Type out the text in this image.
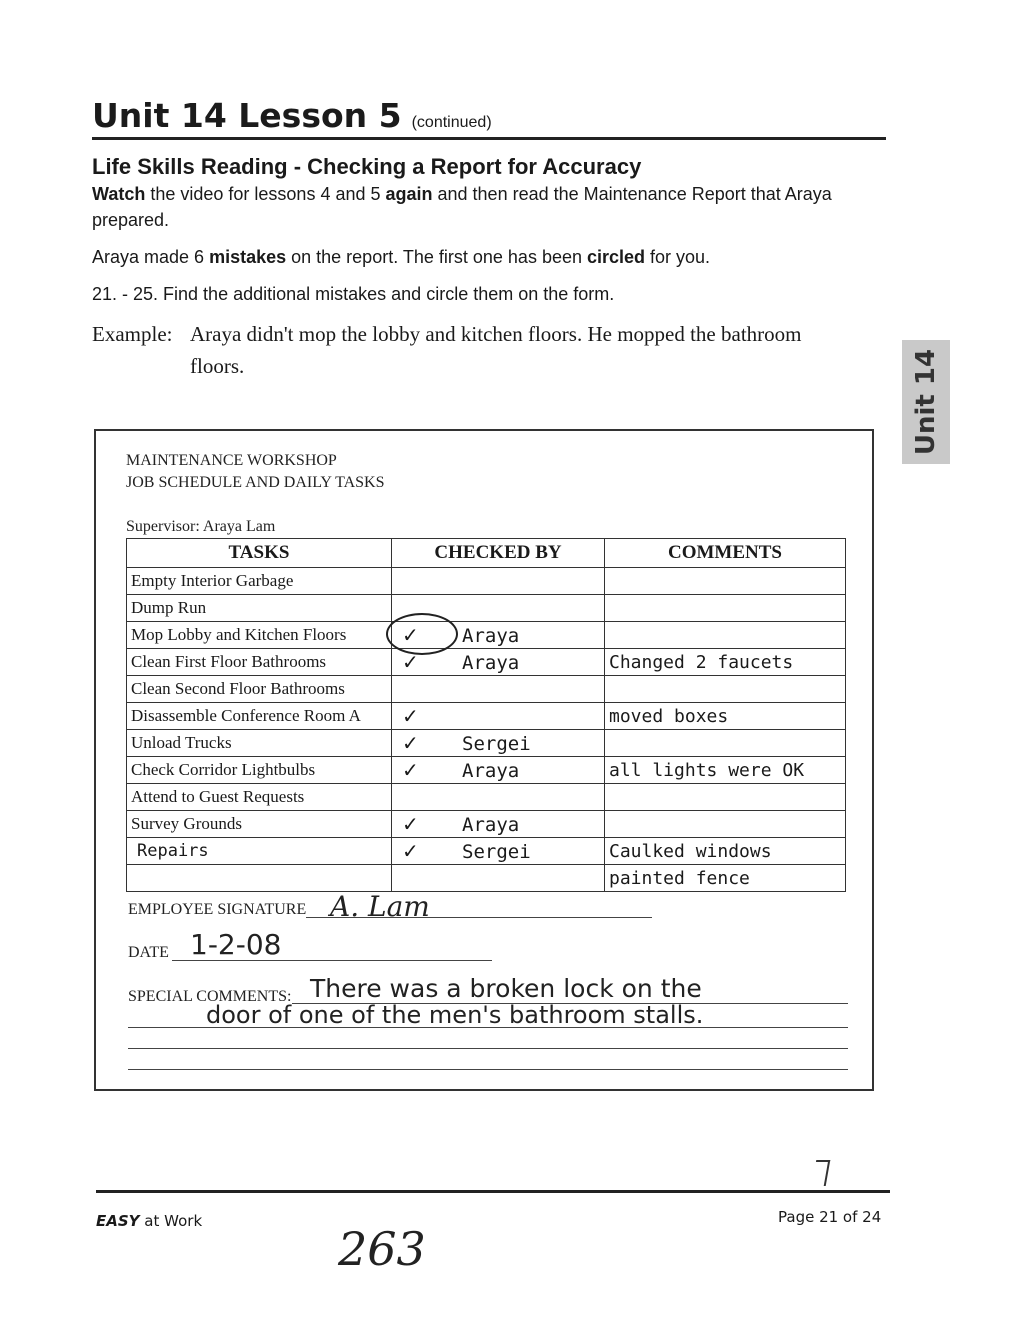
Unit 14 Lesson 5 (continued)
Life Skills Reading - Checking a Report for Accuracy
Watch the video for lessons 4 and 5 again and then read the Maintenance Report that Araya prepared.
Araya made 6 mistakes on the report. The first one has been circled for you.
21. - 25. Find the additional mistakes and circle them on the form.
Example: Araya didn't mop the lobby and kitchen floors. He mopped the bathroom
floors.	Unit 14
MAINTENANCE WORKSHOP
JOB SCHEDULE AND DAILY TASKS
Supervisor: Araya Lam
TASKS	CHECKED BY	COMMENTS
Empty Interior Garbage		
Dump Run		
Mop Lobby and Kitchen Floors	✓ Araya	
Clean First Floor Bathrooms	✓ Araya	Changed 2 faucets
Clean Second Floor Bathrooms		
Disassemble Conference Room A	✓	moved boxes
Unload Trucks	✓ Sergei	
Check Corridor Lightbulbs	✓ Araya	all lights were OK
Attend to Guest Requests		
Survey Grounds	✓ Araya	
Repairs	✓ Sergei	Caulked windows
		painted fence
EMPLOYEE SIGNATURE A. Lam
DATE 1-2-08
SPECIAL COMMENTS: There was a broken lock on the
door of one of the men's bathroom stalls.
EASY at Work	Page 21 of 24
263
